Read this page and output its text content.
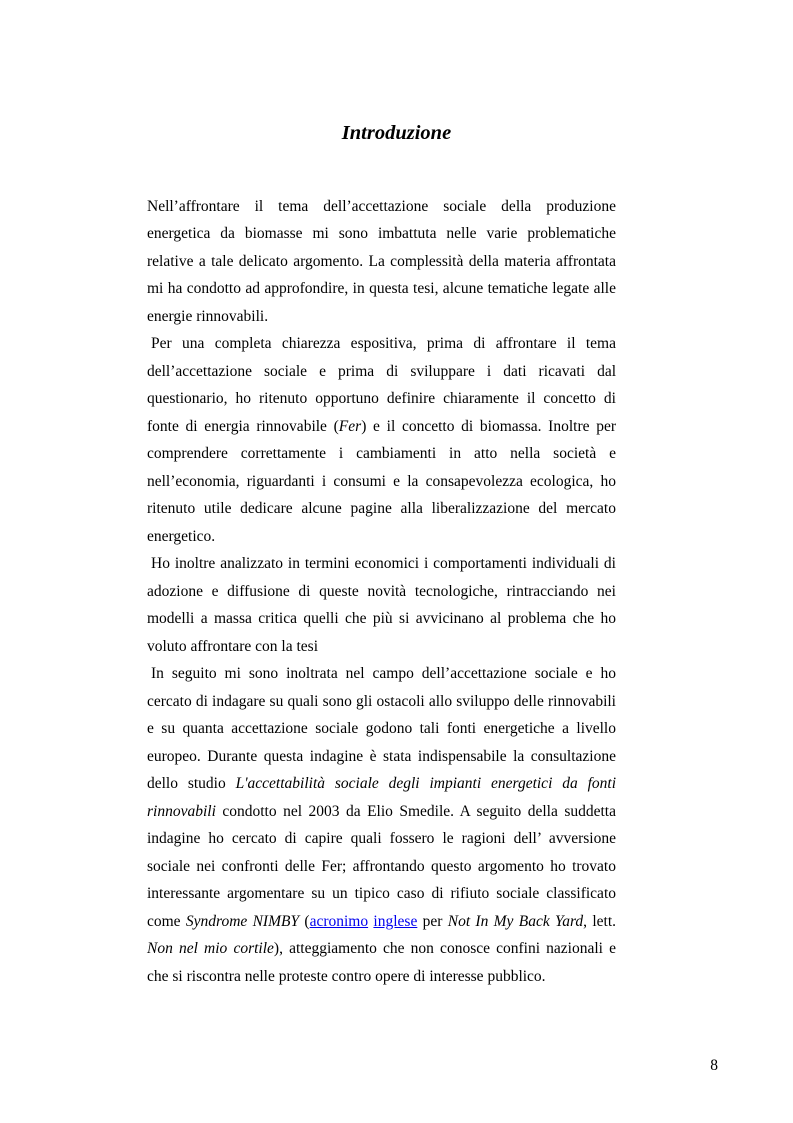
Introduzione

Nell’affrontare il tema dell’accettazione sociale della produzione energetica da biomasse mi sono imbattuta nelle varie problematiche relative a tale delicato argomento. La complessità della materia affrontata mi ha condotto ad approfondire, in questa tesi, alcune tematiche legate alle energie rinnovabili.

Per una completa chiarezza espositiva, prima di affrontare il tema dell’accettazione sociale e prima di sviluppare i dati ricavati dal questionario, ho ritenuto opportuno definire chiaramente il concetto di fonte di energia rinnovabile (Fer) e il concetto di biomassa. Inoltre per comprendere correttamente i cambiamenti in atto nella società e nell’economia, riguardanti i consumi e la consapevolezza ecologica, ho ritenuto utile dedicare alcune pagine alla liberalizzazione del mercato energetico.

Ho inoltre analizzato in termini economici i comportamenti individuali di adozione e diffusione di queste novità tecnologiche, rintracciando nei modelli a massa critica quelli che più si avvicinano al problema che ho voluto affrontare con la tesi

In seguito mi sono inoltrata nel campo dell’accettazione sociale e ho cercato di indagare su quali sono gli ostacoli allo sviluppo delle rinnovabili e su quanta accettazione sociale godono tali fonti energetiche a livello europeo. Durante questa indagine è stata indispensabile la consultazione dello studio L'accettabilità sociale degli impianti energetici da fonti rinnovabili condotto nel 2003 da Elio Smedile. A seguito della suddetta indagine ho cercato di capire quali fossero le ragioni dell’ avversione sociale nei confronti delle Fer; affrontando questo argomento ho trovato interessante argomentare su un tipico caso di rifiuto sociale classificato come Syndrome NIMBY (acronimo inglese per Not In My Back Yard, lett. Non nel mio cortile), atteggiamento che non conosce confini nazionali e che si riscontra nelle proteste contro opere di interesse pubblico.

8
